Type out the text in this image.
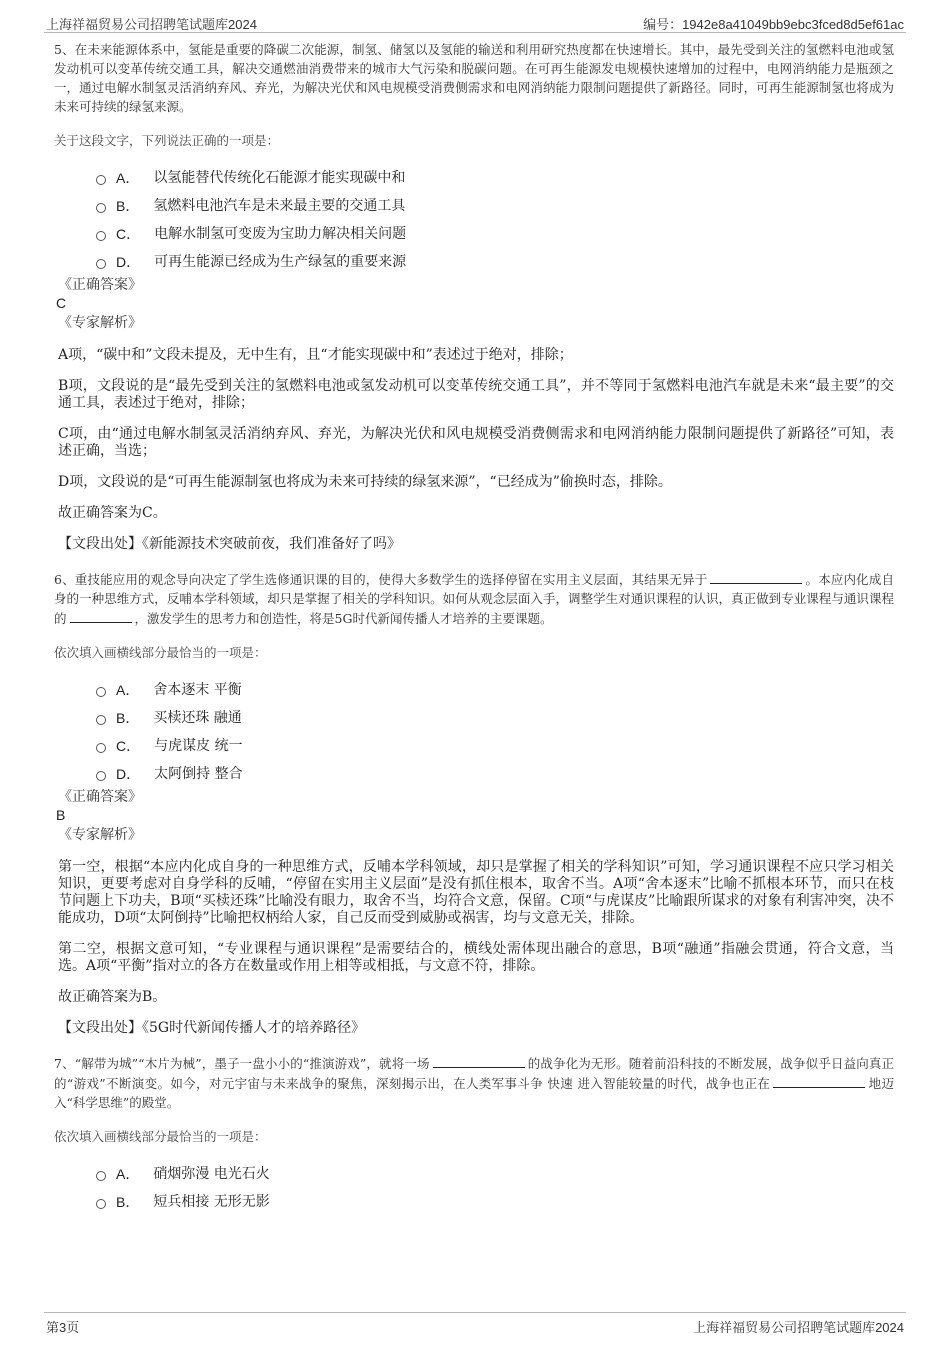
上海祥福贸易公司招聘笔试题库2024	编号：1942e8a41049bb9ebc3fced8d5ef61ac

5、在未来能源体系中，氢能是重要的降碳二次能源，制氢、储氢以及氢能的输送和利用研究热度都在快速增长。其中，最先受到关注的氢燃料电池或氢发动机可以变革传统交通工具，解决交通燃油消费带来的城市大气污染和脱碳问题。在可再生能源发电规模快速增加的过程中，电网消纳能力是瓶颈之一，通过电解水制氢灵活消纳弃风、弃光，为解决光伏和风电规模受消费侧需求和电网消纳能力限制问题提供了新路径。同时，可再生能源制氢也将成为未来可持续的绿氢来源。

关于这段文字，下列说法正确的一项是：

A． 以氢能替代传统化石能源才能实现碳中和
B． 氢燃料电池汽车是未来最主要的交通工具
C． 电解水制氢可变废为宝助力解决相关问题
D． 可再生能源已经成为生产绿氢的重要来源

《正确答案》

C

《专家解析》

A项，“碳中和”文段未提及，无中生有，且“才能实现碳中和”表述过于绝对，排除；

B项，文段说的是“最先受到关注的氢燃料电池或氢发动机可以变革传统交通工具”，并不等同于氢燃料电池汽车就是未来“最主要”的交通工具，表述过于绝对，排除；

C项，由“通过电解水制氢灵活消纳弃风、弃光，为解决光伏和风电规模受消费侧需求和电网消纳能力限制问题提供了新路径”可知，表述正确，当选；

D项，文段说的是“可再生能源制氢也将成为未来可持续的绿氢来源”，“已经成为”偷换时态，排除。

故正确答案为C。

【文段出处】《新能源技术突破前夜，我们准备好了吗》

6、重技能应用的观念导向决定了学生选修通识课的目的，使得大多数学生的选择停留在实用主义层面，其结果无异于	。本应内化成自身的一种思维方式，反哺本学科领域，却只是掌握了相关的学科知识。如何从观念层面入手，调整学生对通识课程的认识，真正做到专业课程与通识课程的	，激发学生的思考力和创造性，将是5G时代新闻传播人才培养的主要课题。

依次填入画横线部分最恰当的一项是：

A． 舍本逐末 平衡
B． 买椟还珠 融通
C． 与虎谋皮 统一
D． 太阿倒持 整合

《正确答案》

B

《专家解析》

第一空，根据“本应内化成自身的一种思维方式，反哺本学科领域，却只是掌握了相关的学科知识”可知，学习通识课程不应只学习相关知识，更要考虑对自身学科的反哺，“停留在实用主义层面”是没有抓住根本，取舍不当。A项“舍本逐末”比喻不抓根本环节，而只在枝节问题上下功夫，B项“买椟还珠”比喻没有眼力，取舍不当，均符合文意，保留。C项“与虎谋皮”比喻跟所谋求的对象有利害冲突，决不能成功，D项“太阿倒持”比喻把权柄给人家，自己反而受到威胁或祸害，均与文意无关，排除。

第二空，根据文意可知，“专业课程与通识课程”是需要结合的，横线处需体现出融合的意思，B项“融通”指融会贯通，符合文意，当选。A项“平衡”指对立的各方在数量或作用上相等或相抵，与文意不符，排除。

故正确答案为B。

【文段出处】《5G时代新闻传播人才的培养路径》

7、“解带为城”“木片为械”，墨子一盘小小的“推演游戏”，就将一场	的战争化为无形。随着前沿科技的不断发展，战争似乎日益向真正的“游戏”不断演变。如今，对元宇宙与未来战争的聚焦，深刻揭示出，在人类军事斗争 快速 进入智能较量的时代，战争也正在	地迈入“科学思维”的殿堂。

依次填入画横线部分最恰当的一项是：

A． 硝烟弥漫 电光石火
B． 短兵相接 无形无影
第3页	上海祥福贸易公司招聘笔试题库2024
